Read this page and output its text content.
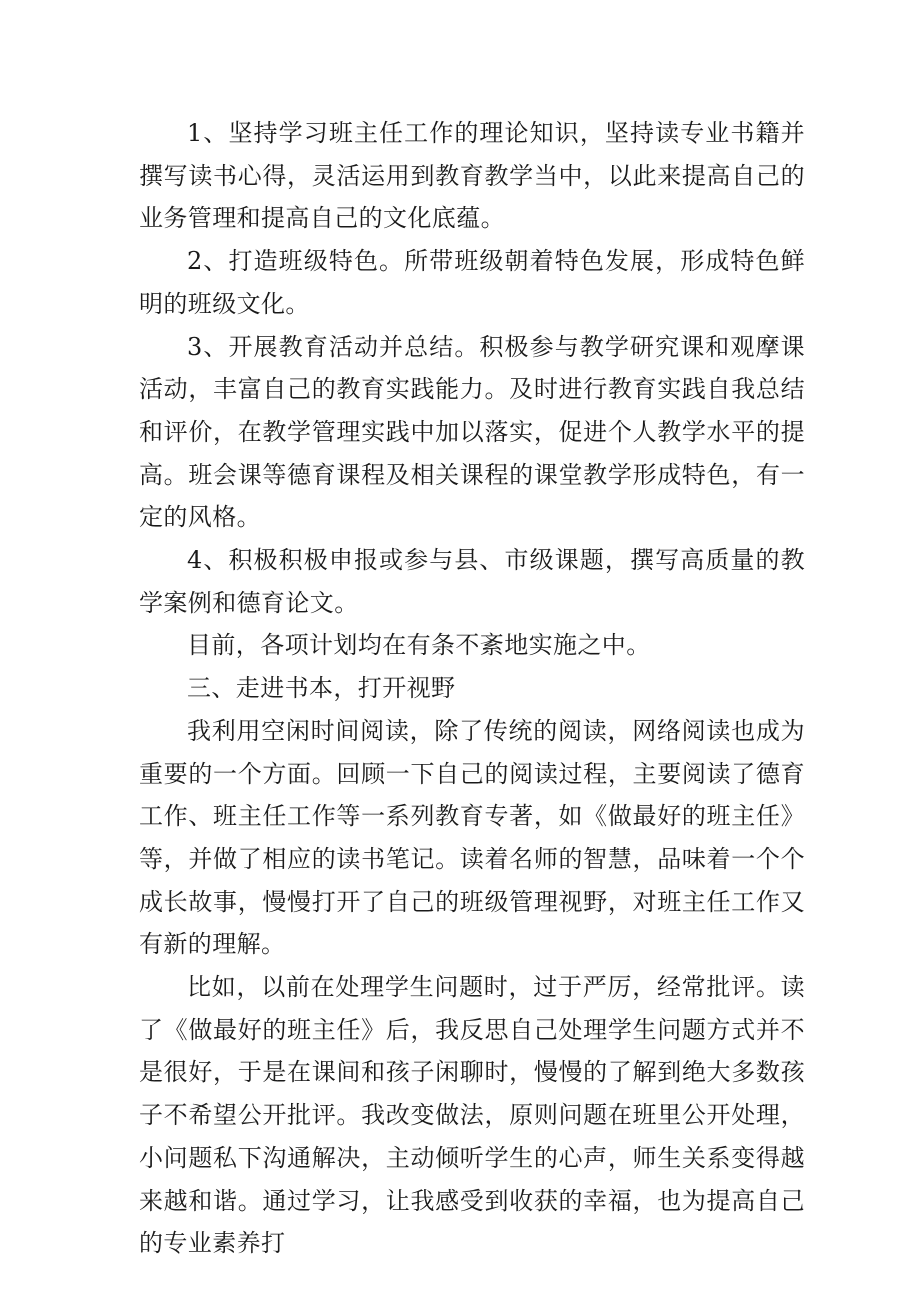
1、坚持学习班主任工作的理论知识，坚持读专业书籍并撰写读书心得，灵活运用到教育教学当中，以此来提高自己的业务管理和提高自己的文化底蕴。

2、打造班级特色。所带班级朝着特色发展，形成特色鲜明的班级文化。

3、开展教育活动并总结。积极参与教学研究课和观摩课活动，丰富自己的教育实践能力。及时进行教育实践自我总结和评价，在教学管理实践中加以落实，促进个人教学水平的提高。班会课等德育课程及相关课程的课堂教学形成特色，有一定的风格。

4、积极积极申报或参与县、市级课题，撰写高质量的教学案例和德育论文。

目前，各项计划均在有条不紊地实施之中。

三、走进书本，打开视野

我利用空闲时间阅读，除了传统的阅读，网络阅读也成为重要的一个方面。回顾一下自己的阅读过程，主要阅读了德育工作、班主任工作等一系列教育专著，如《做最好的班主任》等，并做了相应的读书笔记。读着名师的智慧，品味着一个个成长故事，慢慢打开了自己的班级管理视野，对班主任工作又有新的理解。

比如，以前在处理学生问题时，过于严厉，经常批评。读了《做最好的班主任》后，我反思自己处理学生问题方式并不是很好，于是在课间和孩子闲聊时，慢慢的了解到绝大多数孩子不希望公开批评。我改变做法，原则问题在班里公开处理，小问题私下沟通解决，主动倾听学生的心声，师生关系变得越来越和谐。通过学习，让我感受到收获的幸福，也为提高自己的专业素养打
